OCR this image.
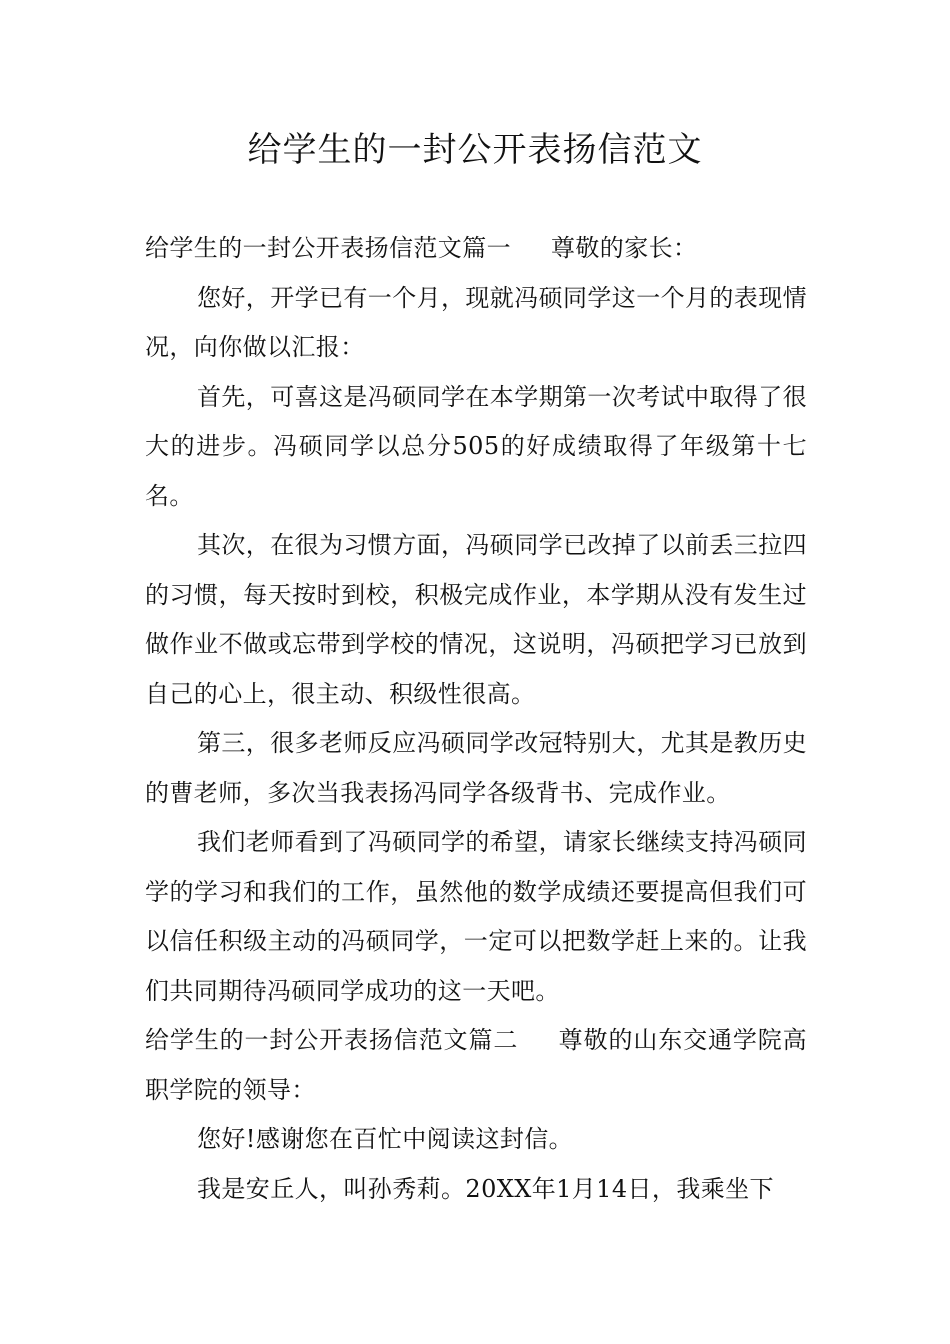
给学生的一封公开表扬信范文

给学生的一封公开表扬信范文篇一 尊敬的家长：

您好，开学已有一个月，现就冯硕同学这一个月的表现情况，向你做以汇报：

首先，可喜这是冯硕同学在本学期第一次考试中取得了很大的进步。冯硕同学以总分505的好成绩取得了年级第十七名。

其次，在很为习惯方面，冯硕同学已改掉了以前丢三拉四的习惯，每天按时到校，积极完成作业，本学期从没有发生过做作业不做或忘带到学校的情况，这说明，冯硕把学习已放到自己的心上，很主动、积级性很高。

第三，很多老师反应冯硕同学改冠特别大，尤其是教历史的曹老师，多次当我表扬冯同学各级背书、完成作业。

我们老师看到了冯硕同学的希望，请家长继续支持冯硕同学的学习和我们的工作，虽然他的数学成绩还要提高但我们可以信任积级主动的冯硕同学，一定可以把数学赶上来的。让我们共同期待冯硕同学成功的这一天吧。

给学生的一封公开表扬信范文篇二 尊敬的山东交通学院高职学院的领导：

您好!感谢您在百忙中阅读这封信。

我是安丘人，叫孙秀莉。20XX年1月14日，我乘坐下
